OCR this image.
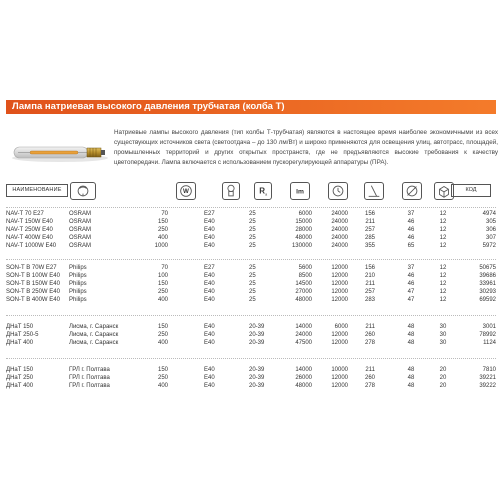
Лампа натриевая высокого давления трубчатая (колба Т)

Натриевые лампы высокого давления (тип колбы Т-трубчатая) являются в настоящее время наиболее экономичными из всех существующих источников света (светоотдача – до 130 лм/Вт) и широко применяются для освещения улиц, автотрасс, площадей, промышленных территорий и других открытых пространств, где не предъявляются высокие требования к качеству цветопередачи. Лампа включается с использованием пускорегулирующей аппаратуры (ПРА).

НАИМЕНОВАНИЕ	W	R a	lm	КОД
NAV-T 70 E27	OSRAM	70	E27	25	6000	24000	156	37	12	4974
NAV-T 150W E40	OSRAM	150	E40	25	15000	24000	211	46	12	305
NAV-T 250W E40	OSRAM	250	E40	25	28000	24000	257	46	12	306
NAV-T 400W E40	OSRAM	400	E40	25	48000	24000	285	46	12	307
NAV-T 1000W E40 OSRAM	1000	E40	25	130000	24000	355	65	12	5972
SON-T B 70W E27 Philips	70	E27	25	5600	12000	156	37	12	50675
SON-T B 100W E40 Philips	100	E40	25	8500	12000	210	46	12	39686
SON-T B 150W E40 Philips	150	E40	25	14500	12000	211	46	12	33961
SON-T B 250W E40 Philips	250	E40	25	27000	12000	257	47	12	30293
SON-T B 400W E40 Philips	400	E40	25	48000	12000	283	47	12	69592
ДНаТ 150	Лисма, г. Саранск	150	E40	20-39	14000	6000	211	48	30	3001
ДНаТ 250-5	Лисма, г. Саранск	250	E40	20-39	24000	12000	260	48	30	78992
ДНаТ 400	Лисма, г. Саранск	400	E40	20-39	47500	12000	278	48	30	1124
ДНаТ 150	ГРЛ г. Полтава	150	E40	20-39	14000	10000	211	48	20	7810
ДНаТ 250	ГРЛ г. Полтава	250	E40	20-39	26000	12000	260	48	20	39221
ДНаТ 400	ГРЛ г. Полтава	400	E40	20-39	48000	12000	278	48	20	39222
